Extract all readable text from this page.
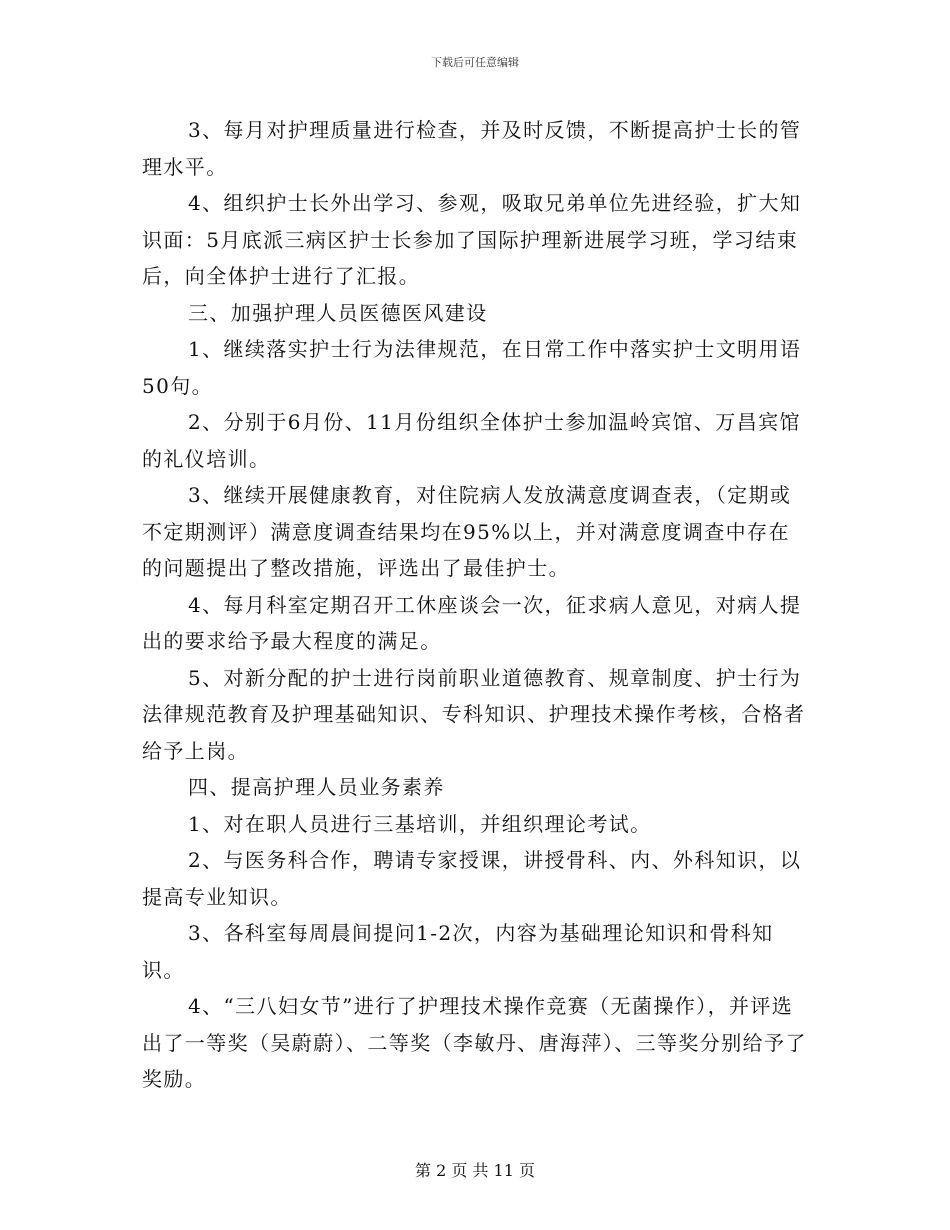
下载后可任意编辑

3、每月对护理质量进行检查，并及时反馈，不断提高护士长的管理水平。

4、组织护士长外出学习、参观，吸取兄弟单位先进经验，扩大知识面：5月底派三病区护士长参加了国际护理新进展学习班，学习结束后，向全体护士进行了汇报。

三、加强护理人员医德医风建设

1、继续落实护士行为法律规范，在日常工作中落实护士文明用语50句。

2、分别于6月份、11月份组织全体护士参加温岭宾馆、万昌宾馆的礼仪培训。

3、继续开展健康教育，对住院病人发放满意度调查表，（定期或不定期测评）满意度调查结果均在95%以上，并对满意度调查中存在的问题提出了整改措施，评选出了最佳护士。

4、每月科室定期召开工休座谈会一次，征求病人意见，对病人提出的要求给予最大程度的满足。

5、对新分配的护士进行岗前职业道德教育、规章制度、护士行为法律规范教育及护理基础知识、专科知识、护理技术操作考核，合格者给予上岗。

四、提高护理人员业务素养

1、对在职人员进行三基培训，并组织理论考试。

2、与医务科合作，聘请专家授课，讲授骨科、内、外科知识，以提高专业知识。

3、各科室每周晨间提问1-2次，内容为基础理论知识和骨科知识。

4、“三八妇女节”进行了护理技术操作竞赛（无菌操作），并评选出了一等奖（吴蔚蔚）、二等奖（李敏丹、唐海萍）、三等奖分别给予了奖励。

第 2 页 共 11 页
